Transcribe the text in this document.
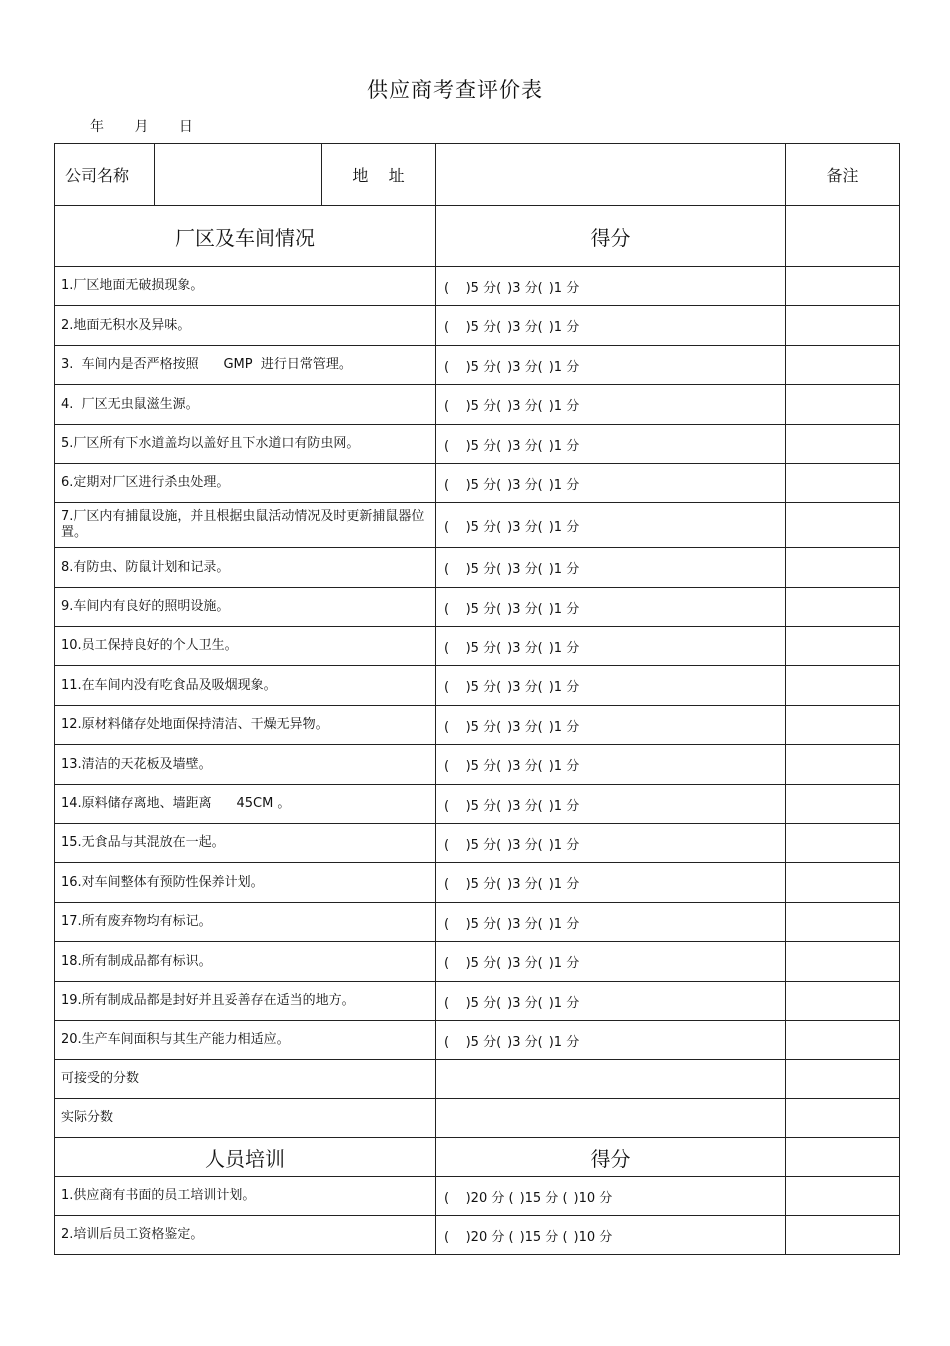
供应商考查评价表
年 月 日
公司名称		地    址		备注
厂区及车间情况			得分	
1.厂区地面无破损现象。			(    )5 分( )3 分( )1 分	
2.地面无积水及异味。			(    )5 分( )3 分( )1 分	
3.  车间内是否严格按照      GMP  进行日常管理。			(    )5 分( )3 分( )1 分	
4.  厂区无虫鼠滋生源。			(    )5 分( )3 分( )1 分	
5.厂区所有下水道盖均以盖好且下水道口有防虫网。			(    )5 分( )3 分( )1 分	
6.定期对厂区进行杀虫处理。			(    )5 分( )3 分( )1 分	
7.厂区内有捕鼠设施，并且根据虫鼠活动情况及时更新捕鼠器位置。			(    )5 分( )3 分( )1 分	
8.有防虫、防鼠计划和记录。			(    )5 分( )3 分( )1 分	
9.车间内有良好的照明设施。			(    )5 分( )3 分( )1 分	
10.员工保持良好的个人卫生。			(    )5 分( )3 分( )1 分	
11.在车间内没有吃食品及吸烟现象。			(    )5 分( )3 分( )1 分	
12.原材料储存处地面保持清洁、干燥无异物。			(    )5 分( )3 分( )1 分	
13.清洁的天花板及墙壁。			(    )5 分( )3 分( )1 分	
14.原料储存离地、墙距离      45CM 。			(    )5 分( )3 分( )1 分	
15.无食品与其混放在一起。			(    )5 分( )3 分( )1 分	
16.对车间整体有预防性保养计划。			(    )5 分( )3 分( )1 分	
17.所有废弃物均有标记。			(    )5 分( )3 分( )1 分	
18.所有制成品都有标识。			(    )5 分( )3 分( )1 分	
19.所有制成品都是封好并且妥善存在适当的地方。			(    )5 分( )3 分( )1 分	
20.生产车间面积与其生产能力相适应。			(    )5 分( )3 分( )1 分	
可接受的分数				
实际分数				
人员培训			得分	
1.供应商有书面的员工培训计划。			(    )20 分 ( )15 分 ( )10 分	
2.培训后员工资格鉴定。			(    )20 分 ( )15 分 ( )10 分	
